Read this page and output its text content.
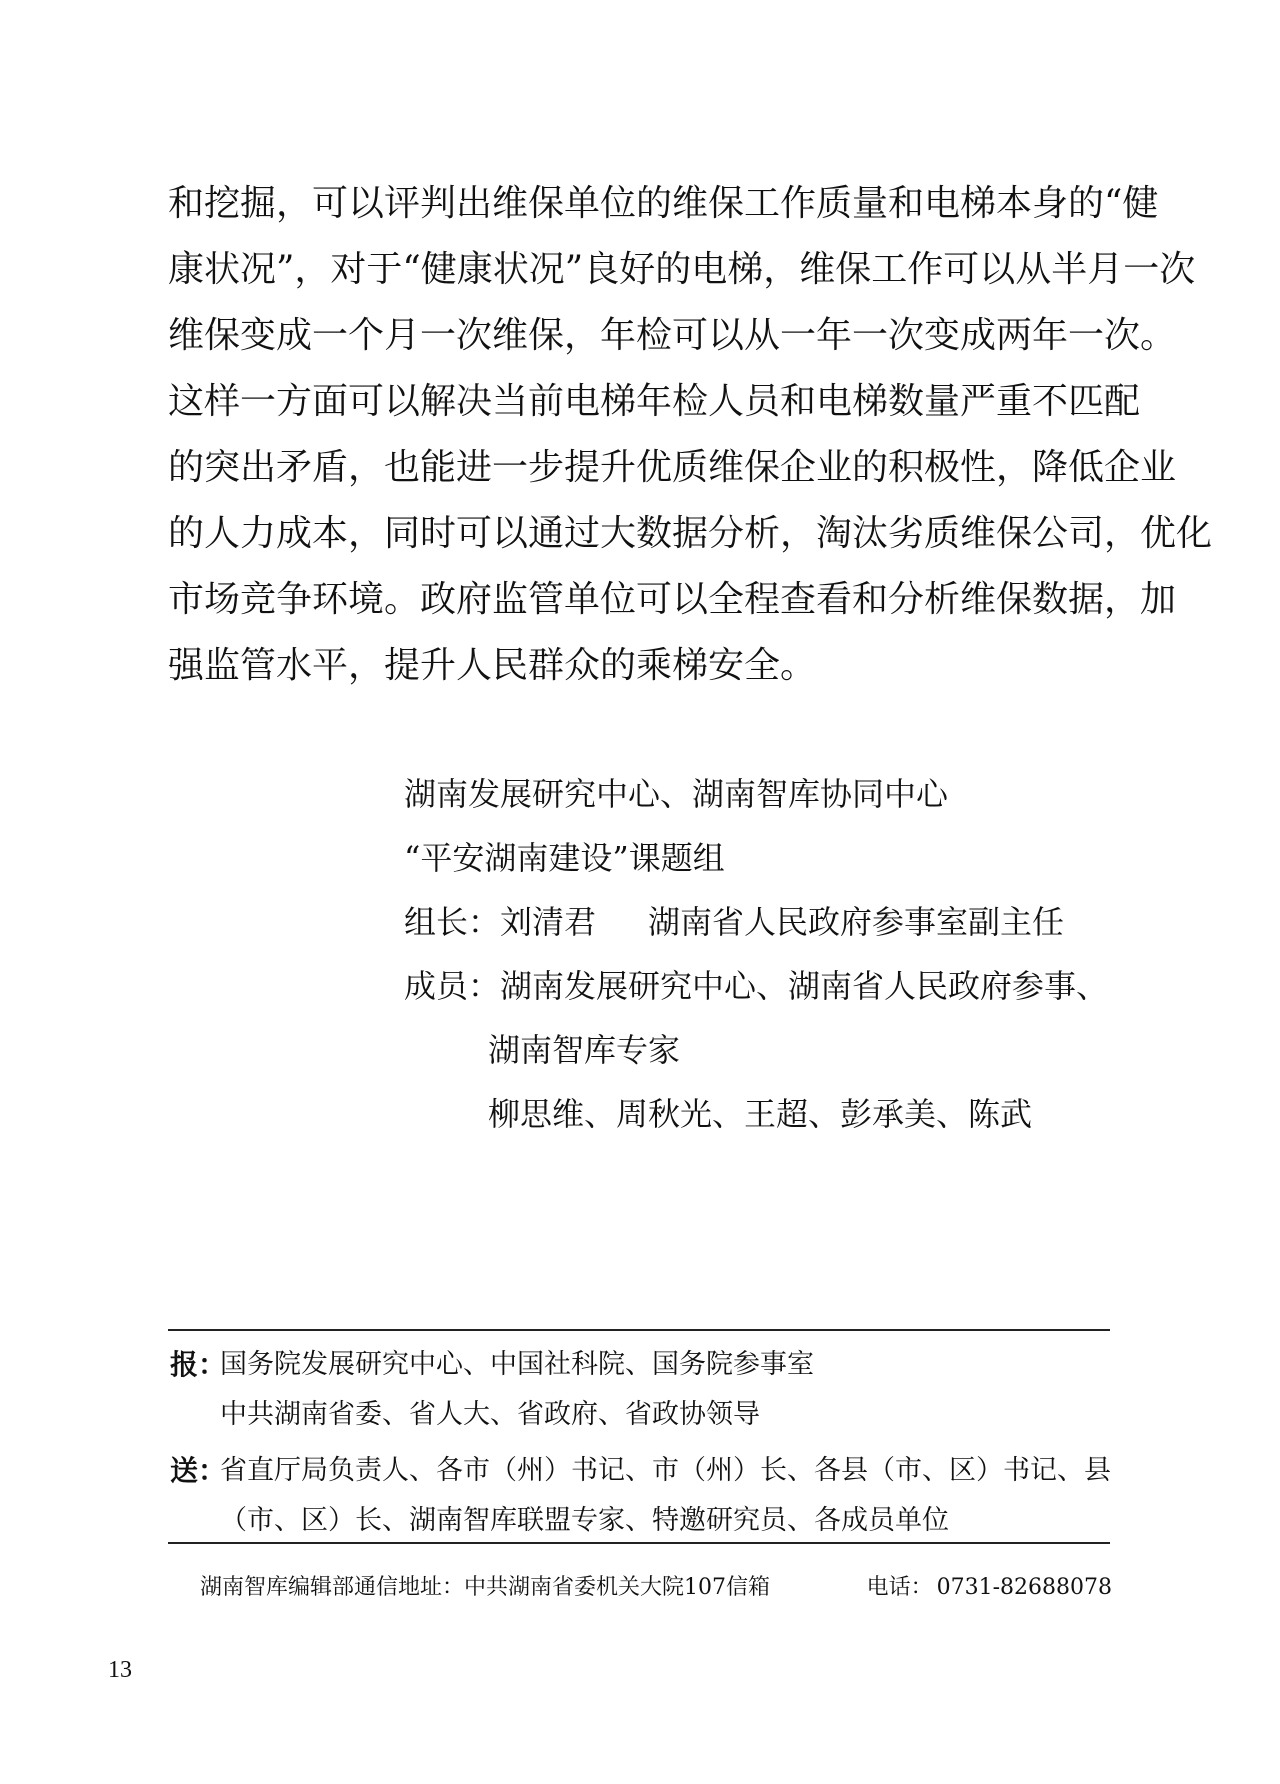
和挖掘，可以评判出维保单位的维保工作质量和电梯本身的“健
康状况”，对于“健康状况”良好的电梯，维保工作可以从半月一次
维保变成一个月一次维保，年检可以从一年一次变成两年一次。
这样一方面可以解决当前电梯年检人员和电梯数量严重不匹配
的突出矛盾，也能进一步提升优质维保企业的积极性，降低企业
的人力成本，同时可以通过大数据分析，淘汰劣质维保公司，优化
市场竞争环境。政府监管单位可以全程查看和分析维保数据，加
强监管水平，提升人民群众的乘梯安全。
湖南发展研究中心、湖南智库协同中心
“平安湖南建设”课题组
组长：刘清君 湖南省人民政府参事室副主任
成员：湖南发展研究中心、湖南省人民政府参事、
湖南智库专家
柳思维、周秋光、王超、彭承美、陈武
报：
国务院发展研究中心、中国社科院、国务院参事室
中共湖南省委、省人大、省政府、省政协领导
送：
省直厅局负责人、各市（州）书记、市（州）长、各县（市、区）书记、县
（市、区）长、湖南智库联盟专家、特邀研究员、各成员单位
湖南智库编辑部通信地址：中共湖南省委机关大院107信箱	电话： 0731-82688078
13
